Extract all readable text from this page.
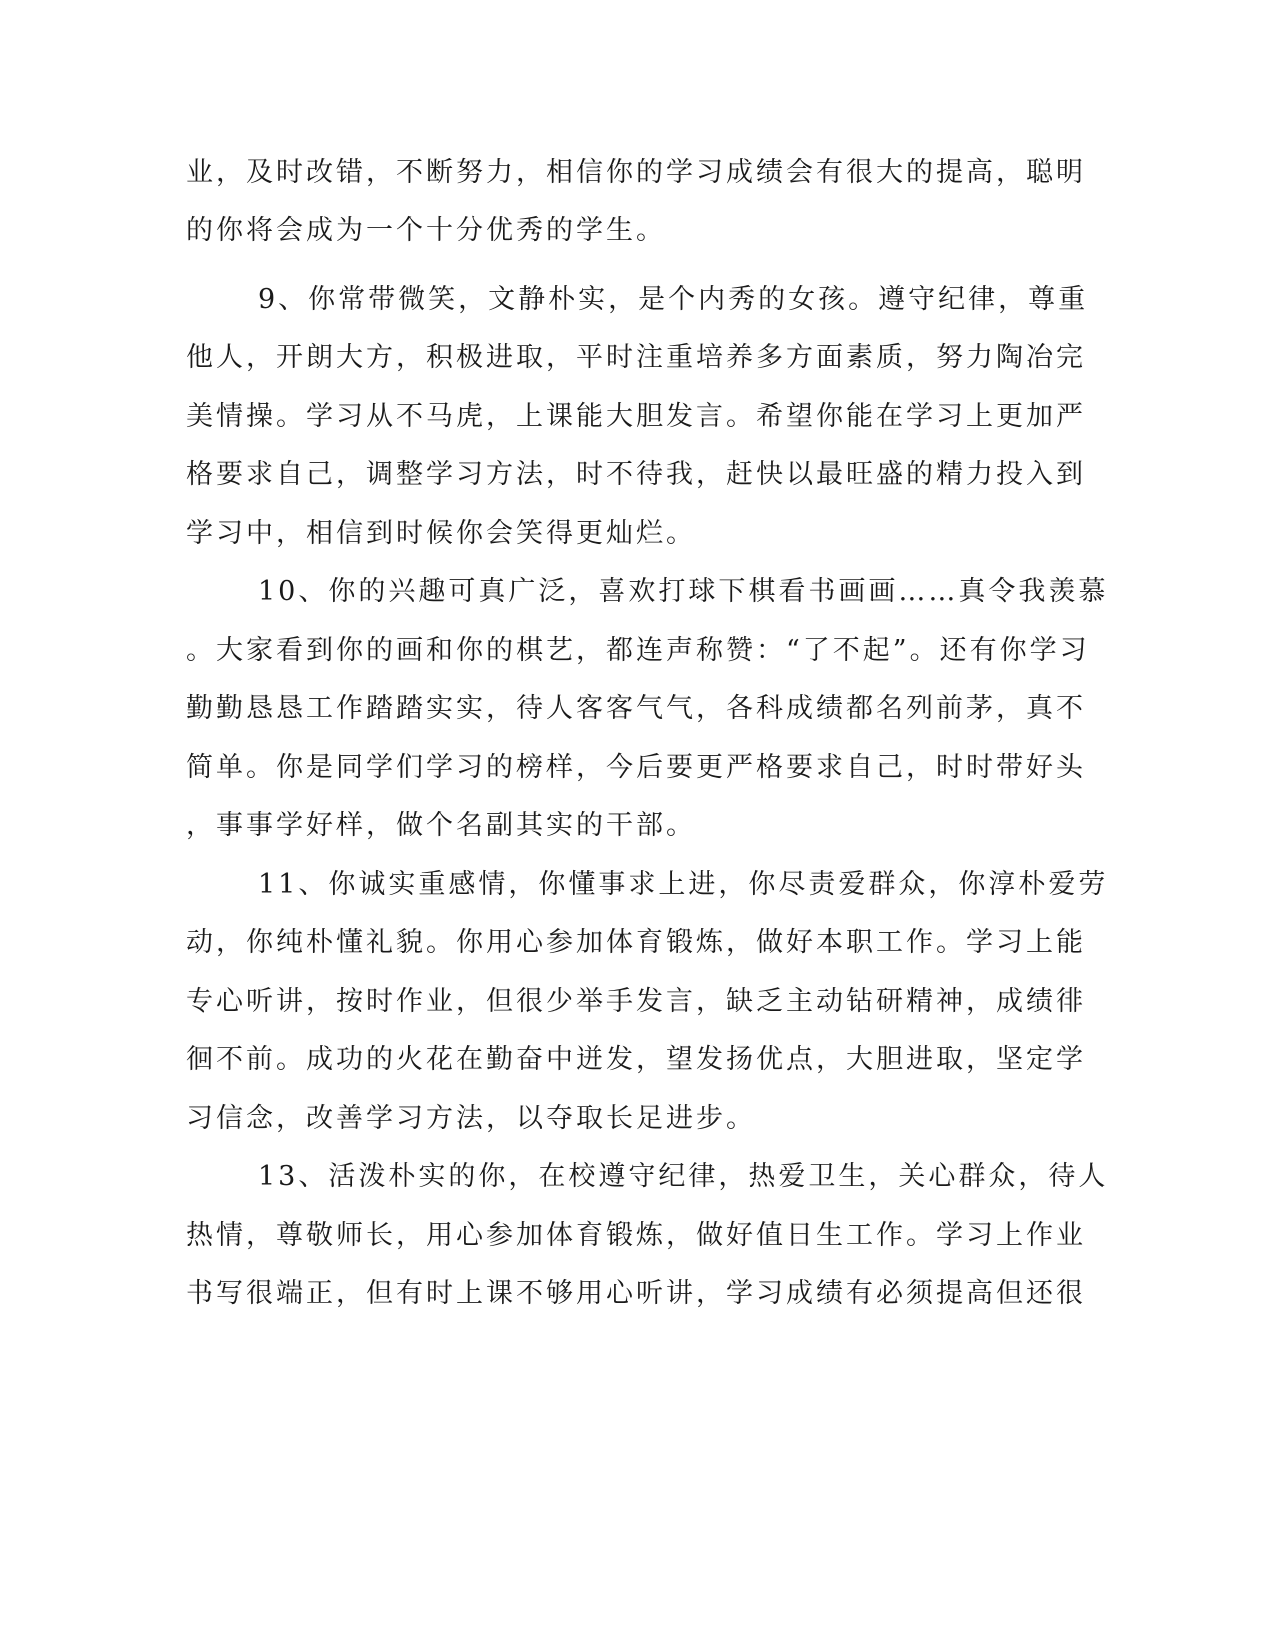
业，及时改错，不断努力，相信你的学习成绩会有很大的提高，聪明
的你将会成为一个十分优秀的学生。
9、你常带微笑，文静朴实，是个内秀的女孩。遵守纪律，尊重
他人，开朗大方，积极进取，平时注重培养多方面素质，努力陶冶完
美情操。学习从不马虎，上课能大胆发言。希望你能在学习上更加严
格要求自己，调整学习方法，时不待我，赶快以最旺盛的精力投入到
学习中，相信到时候你会笑得更灿烂。
10、你的兴趣可真广泛，喜欢打球下棋看书画画……真令我羡慕
。大家看到你的画和你的棋艺，都连声称赞：“了不起”。还有你学习
勤勤恳恳工作踏踏实实，待人客客气气，各科成绩都名列前茅，真不
简单。你是同学们学习的榜样，今后要更严格要求自己，时时带好头
，事事学好样，做个名副其实的干部。
11、你诚实重感情，你懂事求上进，你尽责爱群众，你淳朴爱劳
动，你纯朴懂礼貌。你用心参加体育锻炼，做好本职工作。学习上能
专心听讲，按时作业，但很少举手发言，缺乏主动钻研精神，成绩徘
徊不前。成功的火花在勤奋中迸发，望发扬优点，大胆进取，坚定学
习信念，改善学习方法，以夺取长足进步。
13、活泼朴实的你，在校遵守纪律，热爱卫生，关心群众，待人
热情，尊敬师长，用心参加体育锻炼，做好值日生工作。学习上作业
书写很端正，但有时上课不够用心听讲，学习成绩有必须提高但还很
